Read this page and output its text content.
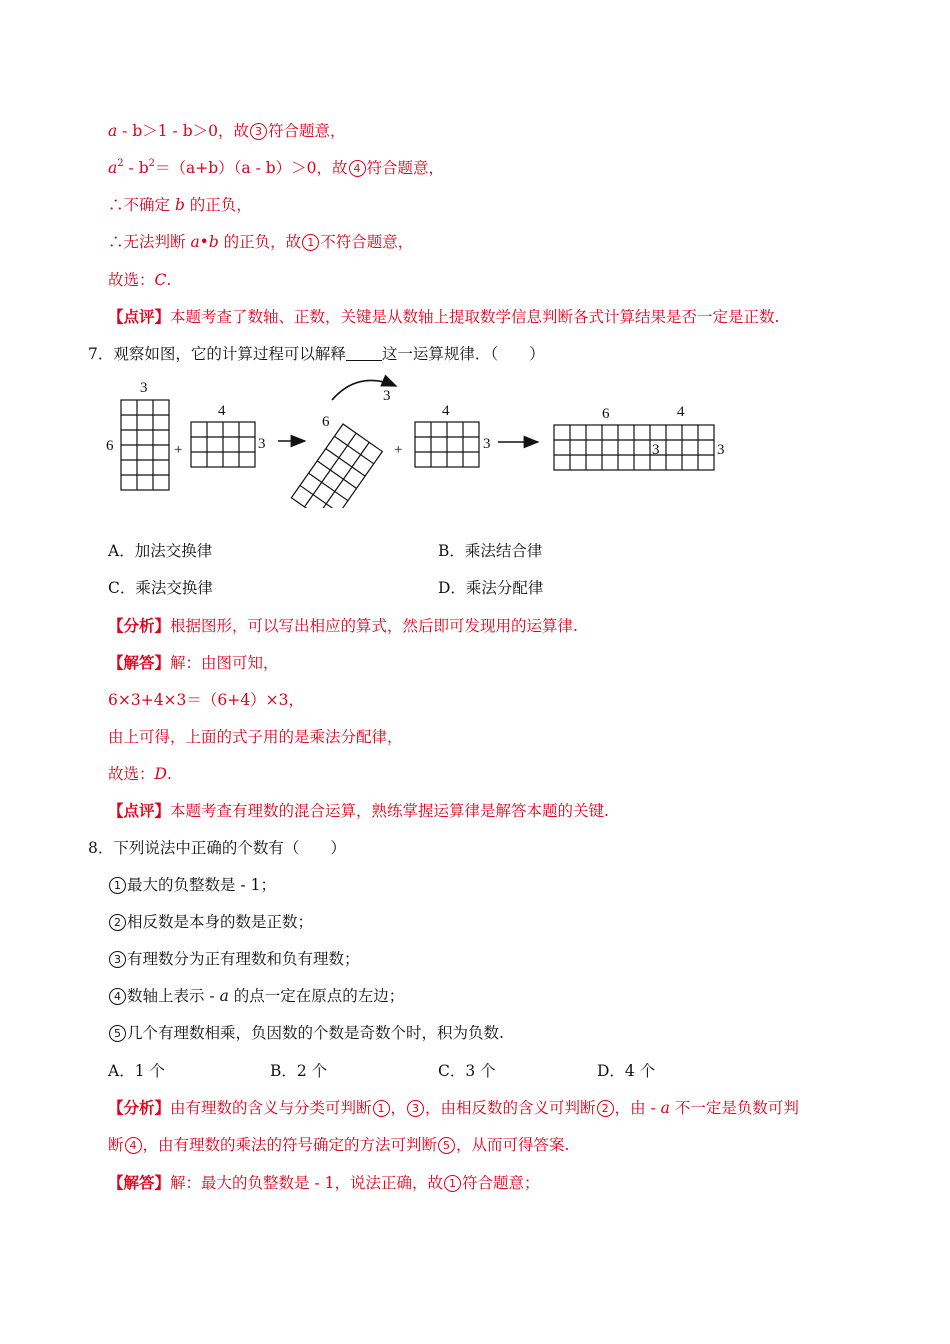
a - b＞1 - b＞0，故 3 符合题意，
$a^2 - b^2=(a+b)(a - b)>0$，故 4 符合题意，
∴不确定 b 的正负，
∴无法判断 a•b 的正负，故 1 不符合题意，
故选：C.
【点评】本题考查了数轴、正数，关键是从数轴上提取数学信息判断各式计算结果是否一定是正数.
7．观察如图，它的计算过程可以解释 这一运算规律．（　　）
3
6	+
4
3
6
3
+
4
3
6	4
3	3
A．加法交换律	B．乘法结合律
C．乘法交换律	D．乘法分配律
【分析】根据图形，可以写出相应的算式，然后即可发现用的运算律.
【解答】解：由图可知，
6×3+4×3＝（6+4）×3，
由上可得，上面的式子用的是乘法分配律，
故选：D.
【点评】本题考查有理数的混合运算，熟练掌握运算律是解答本题的关键.
8．下列说法中正确的个数有（　　）
1 最大的负整数是 - 1；
2 相反数是本身的数是正数；
3 有理数分为正有理数和负有理数；
4 数轴上表示 - a 的点一定在原点的左边；
5 几个有理数相乘，负因数的个数是奇数个时，积为负数.
A．1 个	B．2 个	C．3 个	D．4 个
【分析】由有理数的含义与分类可判断 1 ， 3 ，由相反数的含义可判断 2 ，由 - a 不一定是负数可判
断 4 ，由有理数的乘法的符号确定的方法可判断 5 ，从而可得答案.
【解答】解：最大的负整数是 - 1，说法正确，故 1 符合题意；
